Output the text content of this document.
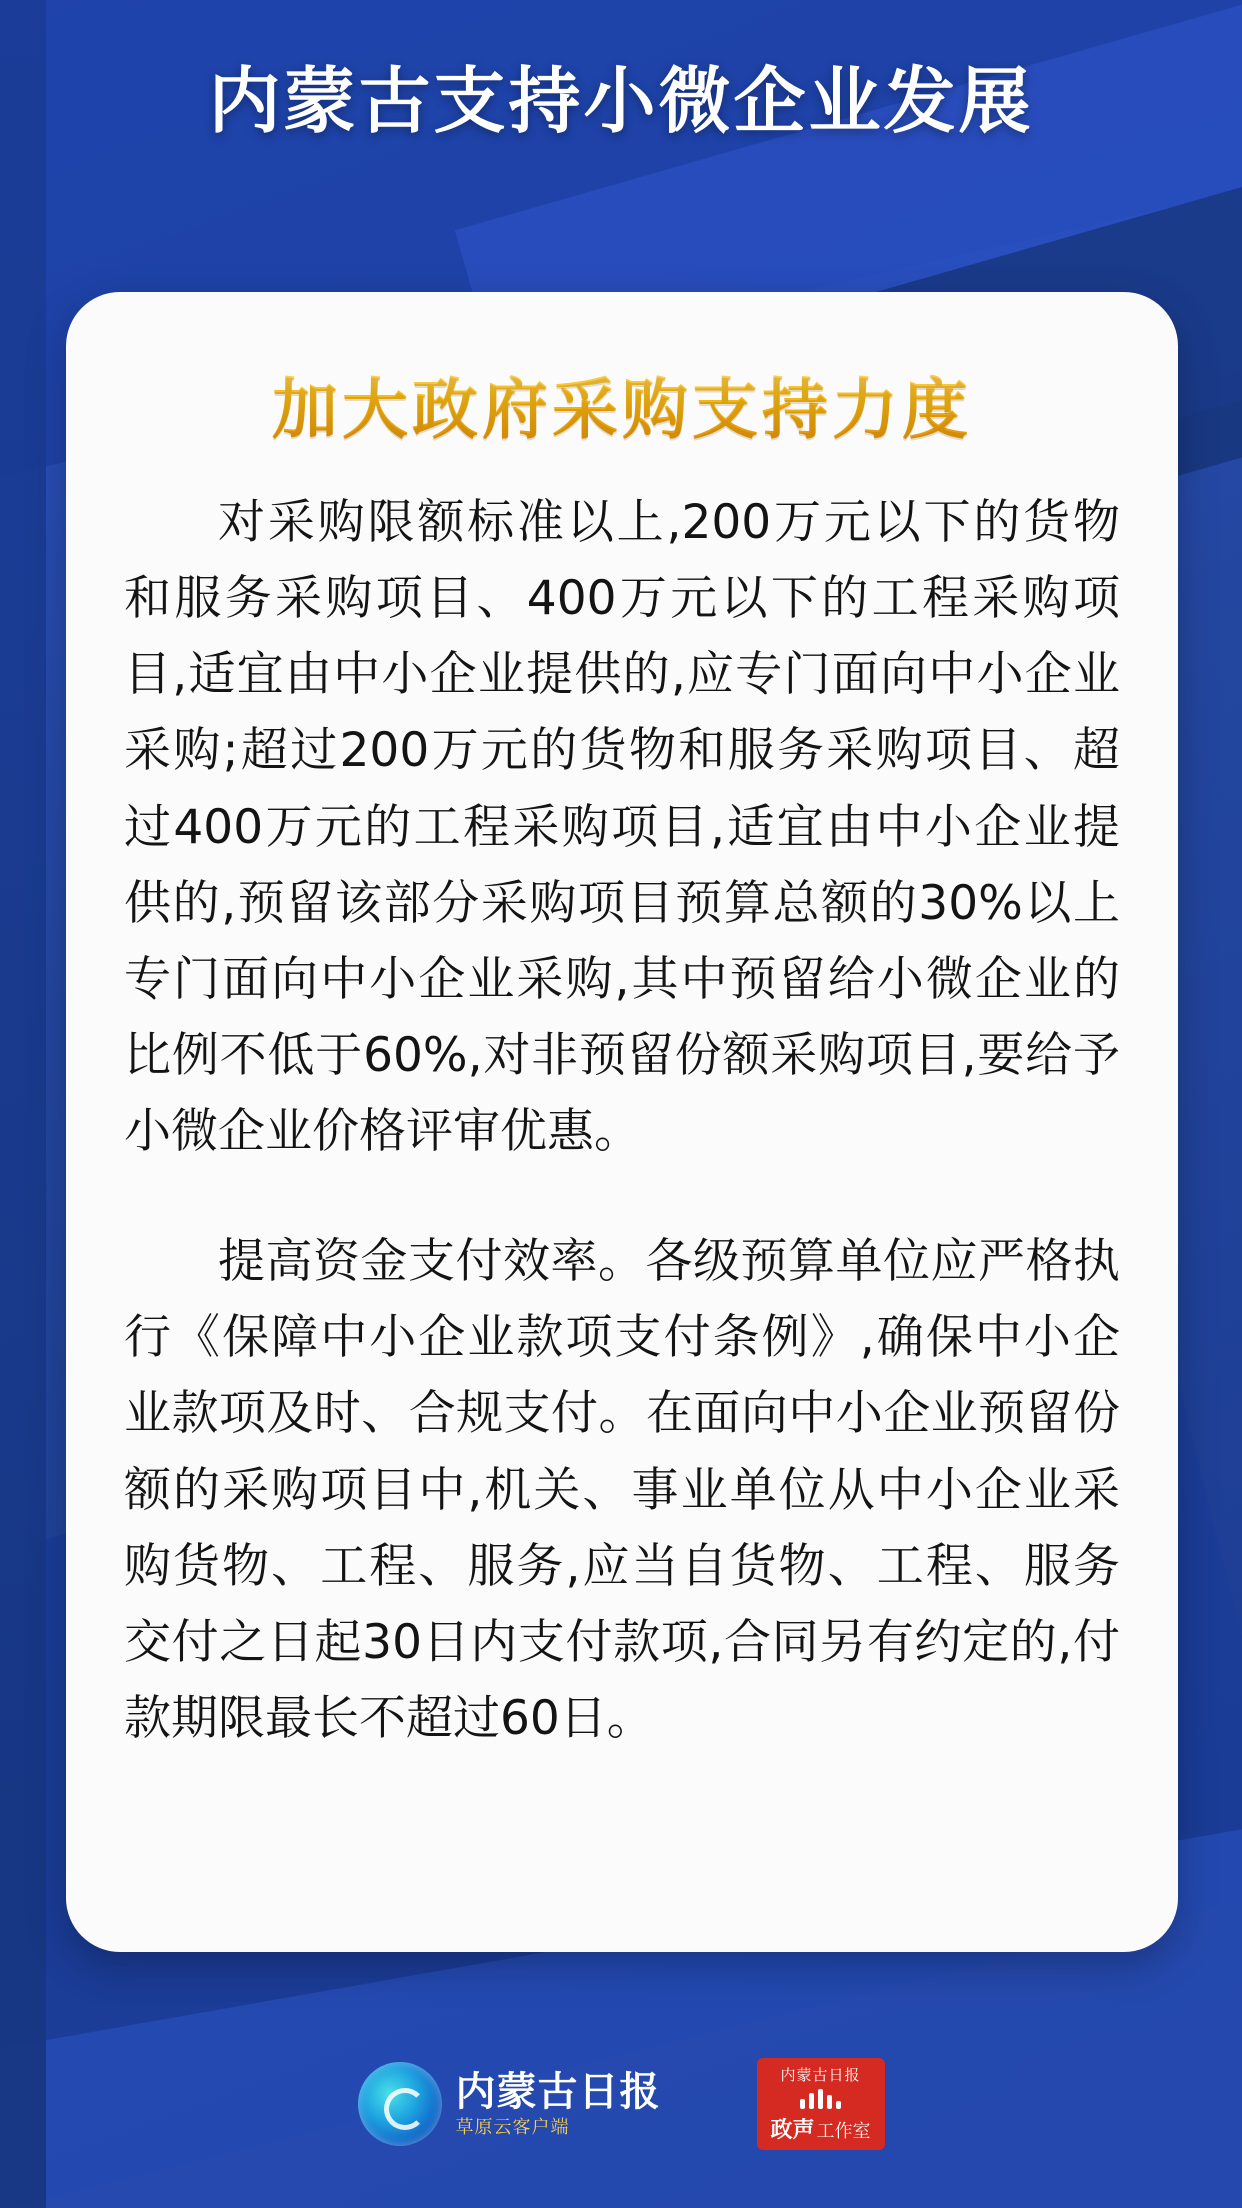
内蒙古支持小微企业发展
加大政府采购支持力度
对采购限额标准以上,200万元以下的货物和服务采购项目、400万元以下的工程采购项目,适宜由中小企业提供的,应专门面向中小企业采购;超过200万元的货物和服务采购项目、超过400万元的工程采购项目,适宜由中小企业提供的,预留该部分采购项目预算总额的30%以上专门面向中小企业采购,其中预留给小微企业的比例不低于60%,对非预留份额采购项目,要给予小微企业价格评审优惠。
提高资金支付效率。各级预算单位应严格执行《保障中小企业款项支付条例》,确保中小企业款项及时、合规支付。在面向中小企业预留份额的采购项目中,机关、事业单位从中小企业采购货物、工程、服务,应当自货物、工程、服务交付之日起30日内支付款项,合同另有约定的,付款期限最长不超过60日。
内蒙古日报
草原云客户端
内蒙古日报
政声 工作室
